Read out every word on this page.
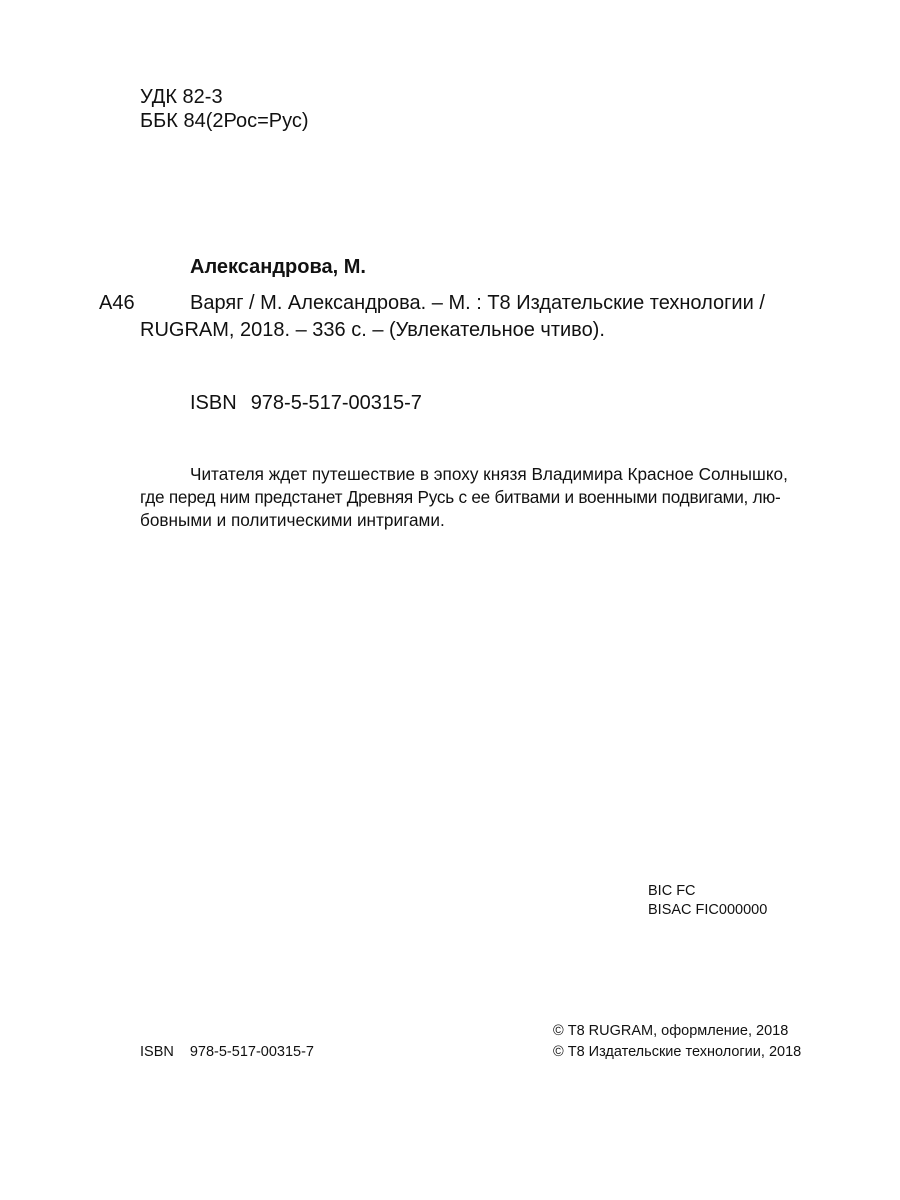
УДК 82-3
ББК 84(2Рос=Рус)
Александрова, М.
А46	Варяг / М. Александрова. – М. : Т8 Издательские технологии /
RUGRAM, 2018. – 336 с. – (Увлекательное чтиво).
ISBN 978-5-517-00315-7
Читателя ждет путешествие в эпоху князя Владимира Красное Солнышко,
где перед ним предстанет Древняя Русь с ее битвами и военными подвигами, лю-
бовными и политическими интригами.
BIC FC
BISAC FIC000000
ISBN 978-5-517-00315-7
© Т8 RUGRAM, оформление, 2018
© Т8 Издательские технологии, 2018
